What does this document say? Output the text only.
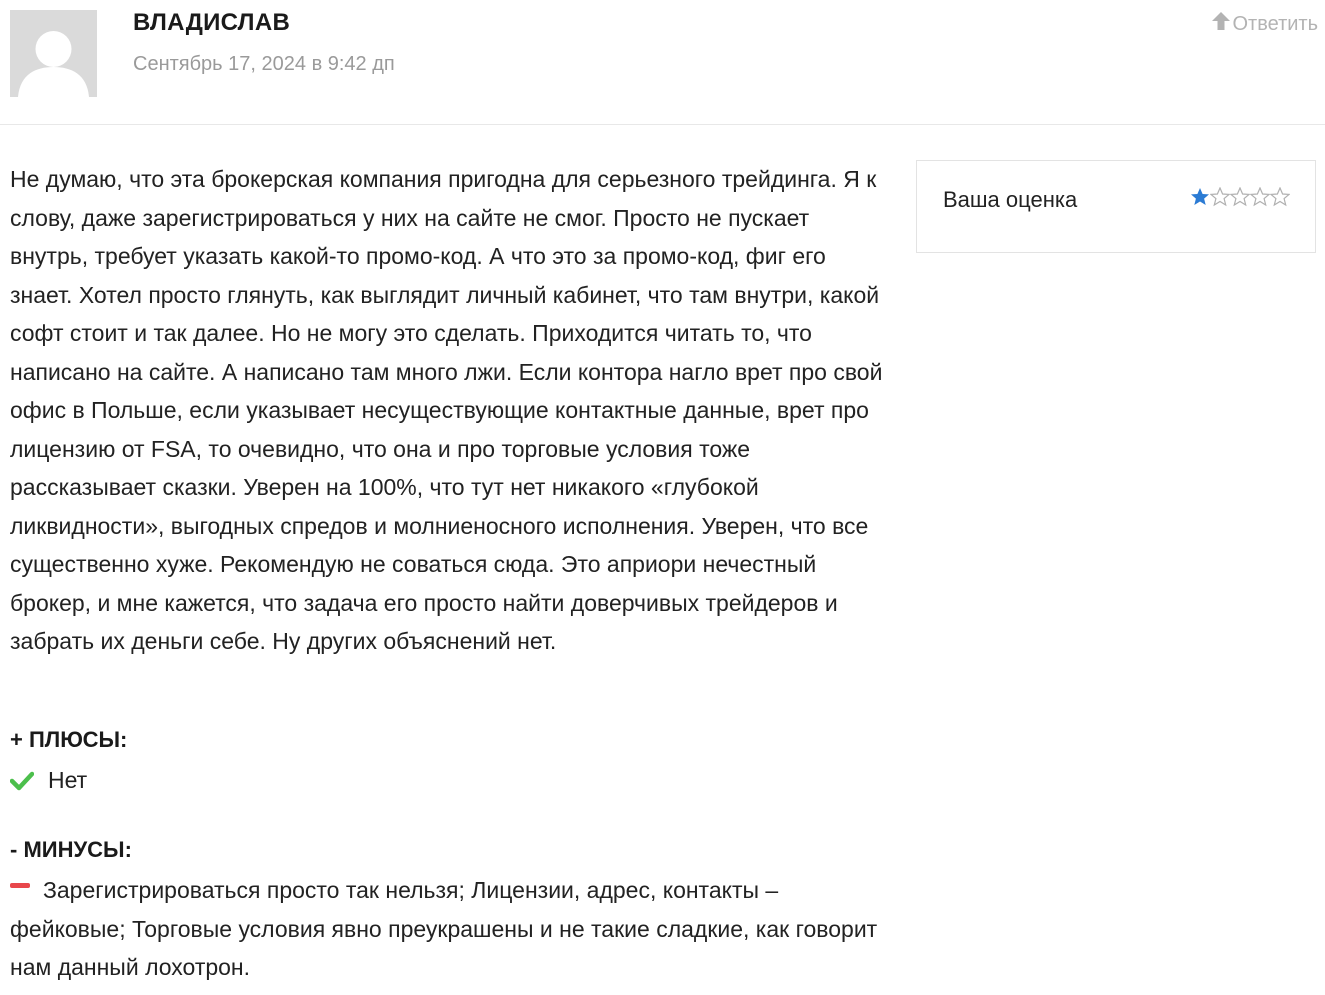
ВЛАДИСЛАВ
Сентябрь 17, 2024 в 9:42 дп
Ответить

Не думаю, что эта брокерская компания пригодна для серьезного трейдинга. Я к слову, даже зарегистрироваться у них на сайте не смог. Просто не пускает внутрь, требует указать какой-то промо-код. А что это за промо-код, фиг его знает. Хотел просто глянуть, как выглядит личный кабинет, что там внутри, какой софт стоит и так далее. Но не могу это сделать. Приходится читать то, что написано на сайте. А написано там много лжи. Если контора нагло врет про свой офис в Польше, если указывает несуществующие контактные данные, врет про лицензию от FSA, то очевидно, что она и про торговые условия тоже рассказывает сказки. Уверен на 100%, что тут нет никакого «глубокой ликвидности», выгодных спредов и молниеносного исполнения. Уверен, что все существенно хуже. Рекомендую не соваться сюда. Это априори нечестный брокер, и мне кажется, что задача его просто найти доверчивых трейдеров и забрать их деньги себе. Ну других объяснений нет.

Ваша оценка
+ ПЛЮСЫ:
Нет
- МИНУСЫ:

Зарегистрироваться просто так нельзя; Лицензии, адрес, контакты – фейковые; Торговые условия явно преукрашены и не такие сладкие, как говорит нам данный лохотрон.
